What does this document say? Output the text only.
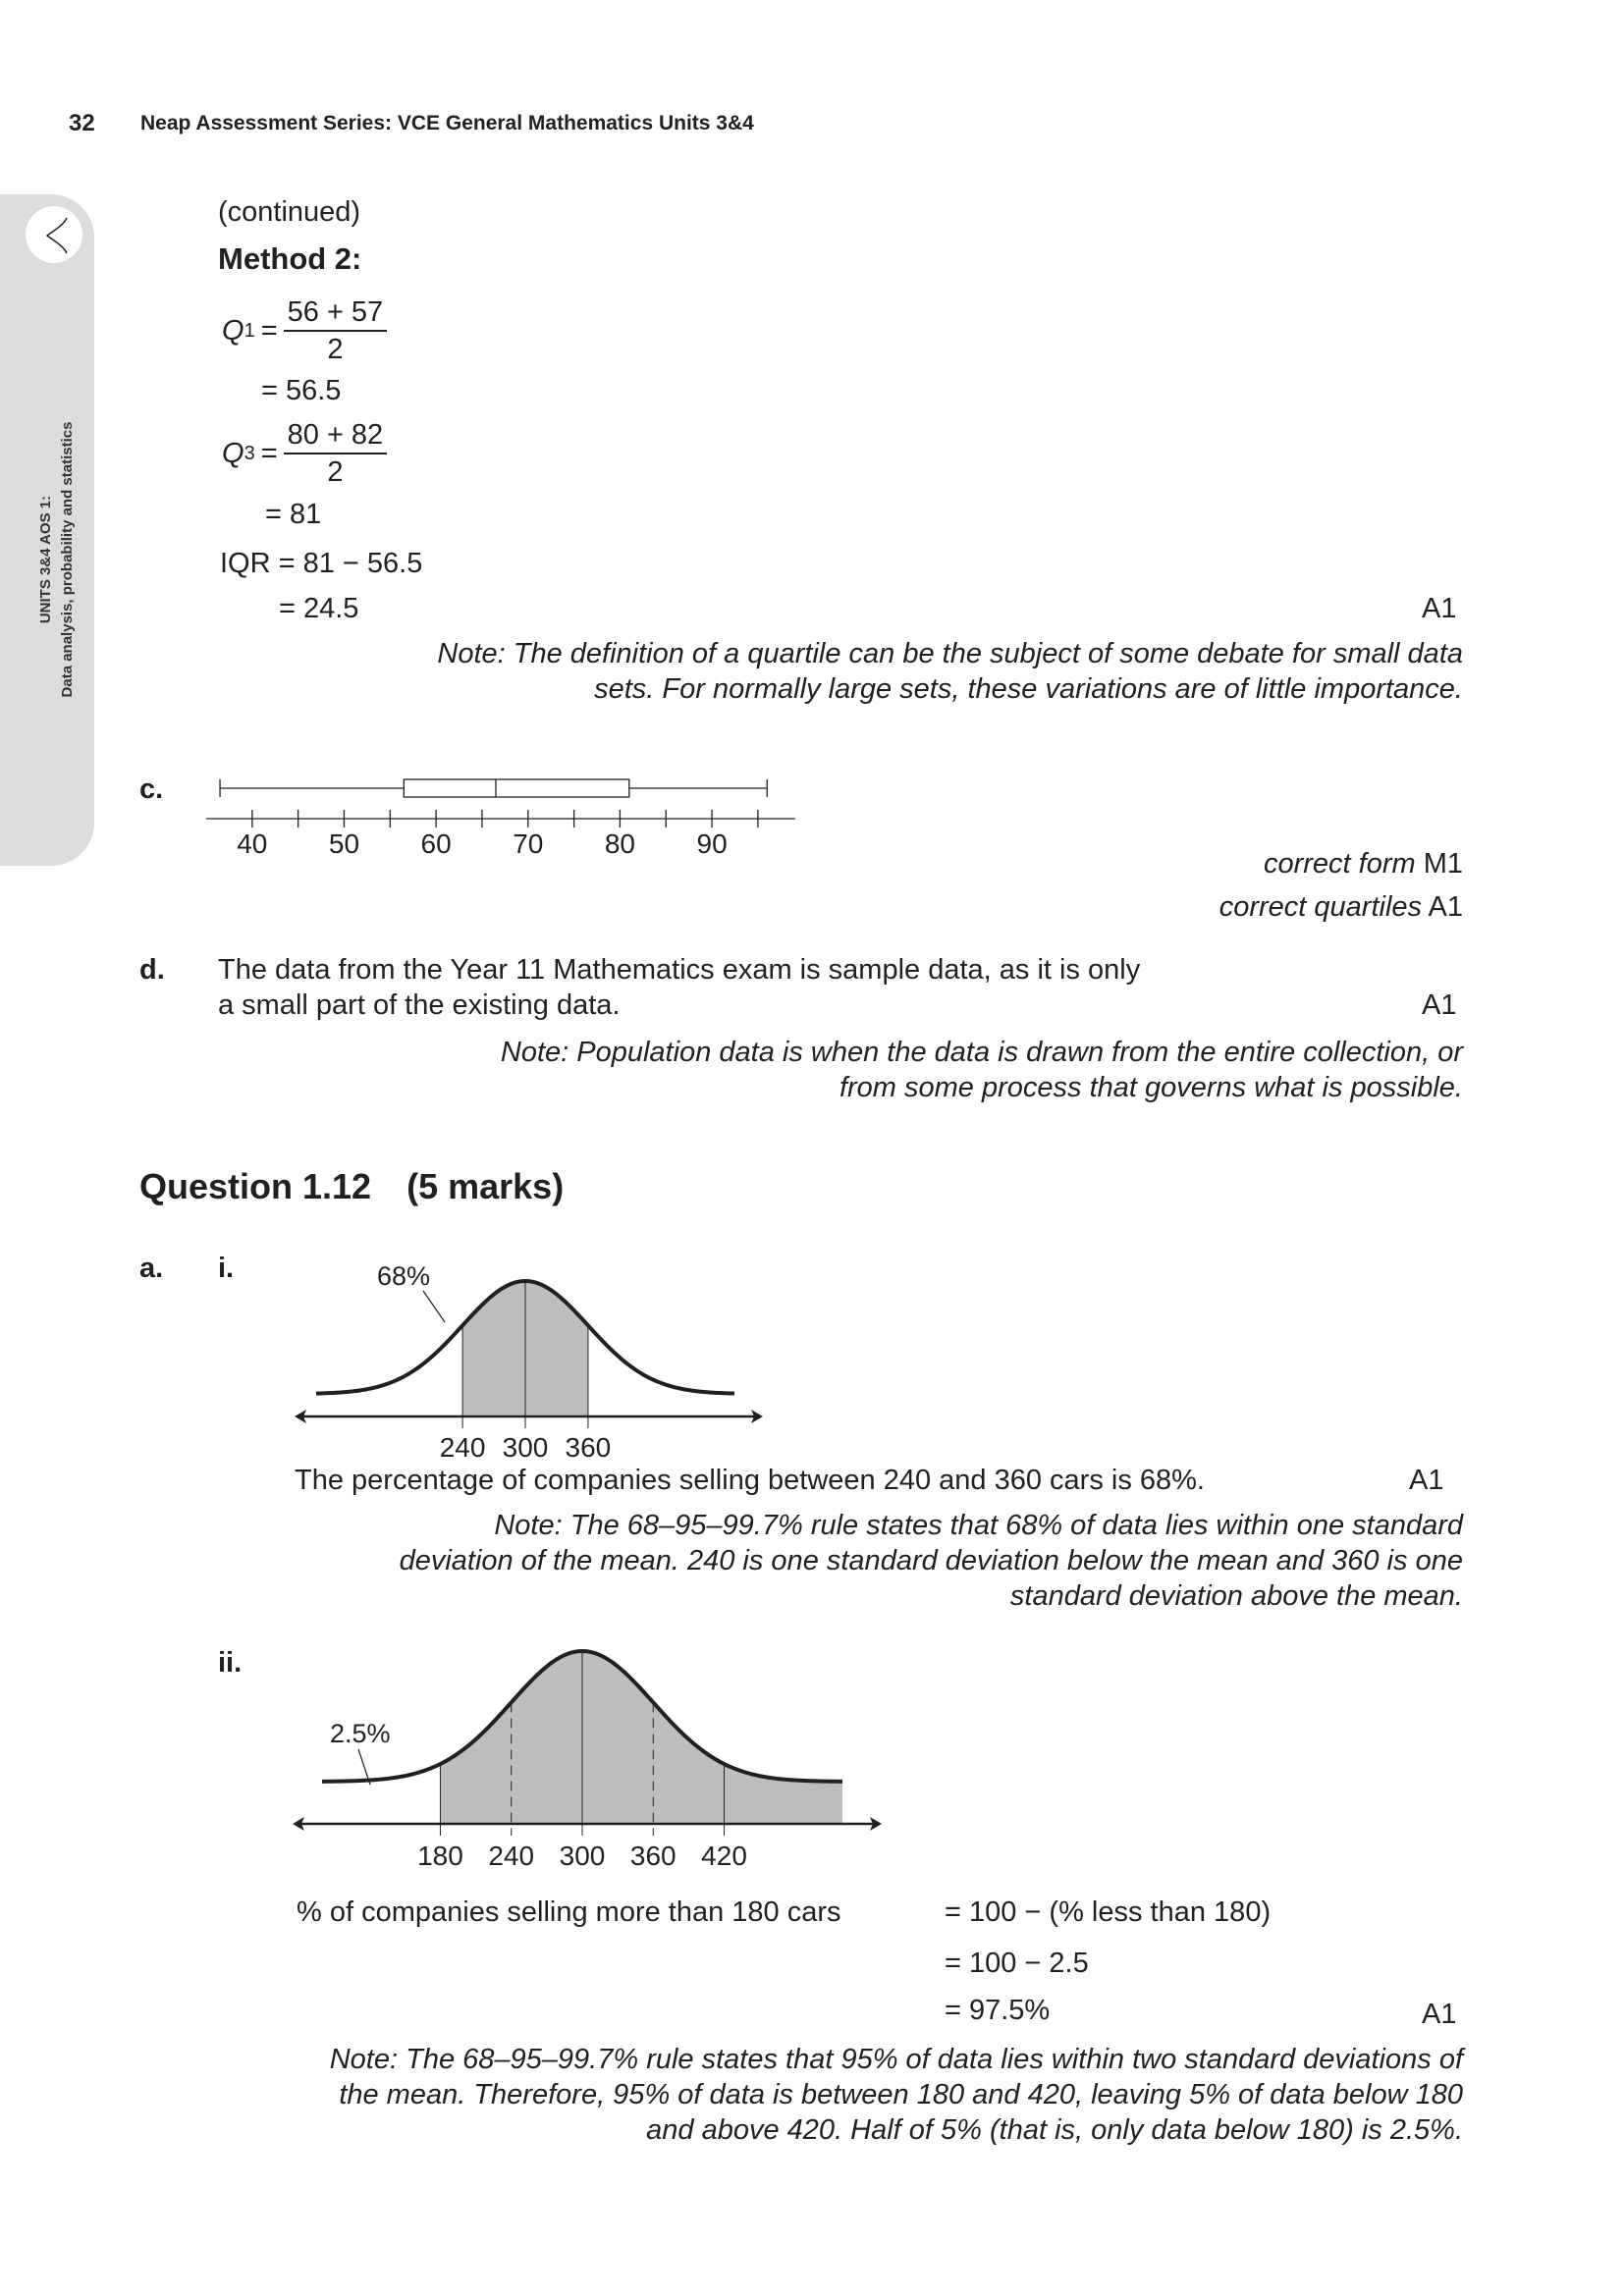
32 Neap Assessment Series: VCE General Mathematics Units 3&4
UNITS 3&4 AOS 1: Data analysis, probability and statistics
(continued)
Method 2:
Q $1 = \frac{56 + 57}{2}$
= 56.5
Q $3 = \frac{80 + 82}{2}$
= 81
IQR = 81 − 56.5
= 24.5	A1
Note: The definition of a quartile can be the subject of some debate for small data sets. For normally large sets, these variations are of little importance.
c.
40 50 60 70 80 90
correct form M1
correct quartiles A1
d. The data from the Year 11 Mathematics exam is sample data, as it is only
a small part of the existing data.	A1
Note: Population data is when the data is drawn from the entire collection, or from some process that governs what is possible.
Question 1.12 (5 marks)
a. i.
240 300 360
68%
The percentage of companies selling between 240 and 360 cars is 68%.	A1
Note: The 68–95–99.7% rule states that 68% of data lies within one standard deviation of the mean. 240 is one standard deviation below the mean and 360 is one standard deviation above the mean.
ii.
180 240 300 360 420
2.5%
% of companies selling more than 180 cars	= 100 − (% less than 180)
= 100 − 2.5
= 97.5%	A1
Note: The 68–95–99.7% rule states that 95% of data lies within two standard deviations of the mean. Therefore, 95% of data is between 180 and 420, leaving 5% of data below 180 and above 420. Half of 5% (that is, only data below 180) is 2.5%.
